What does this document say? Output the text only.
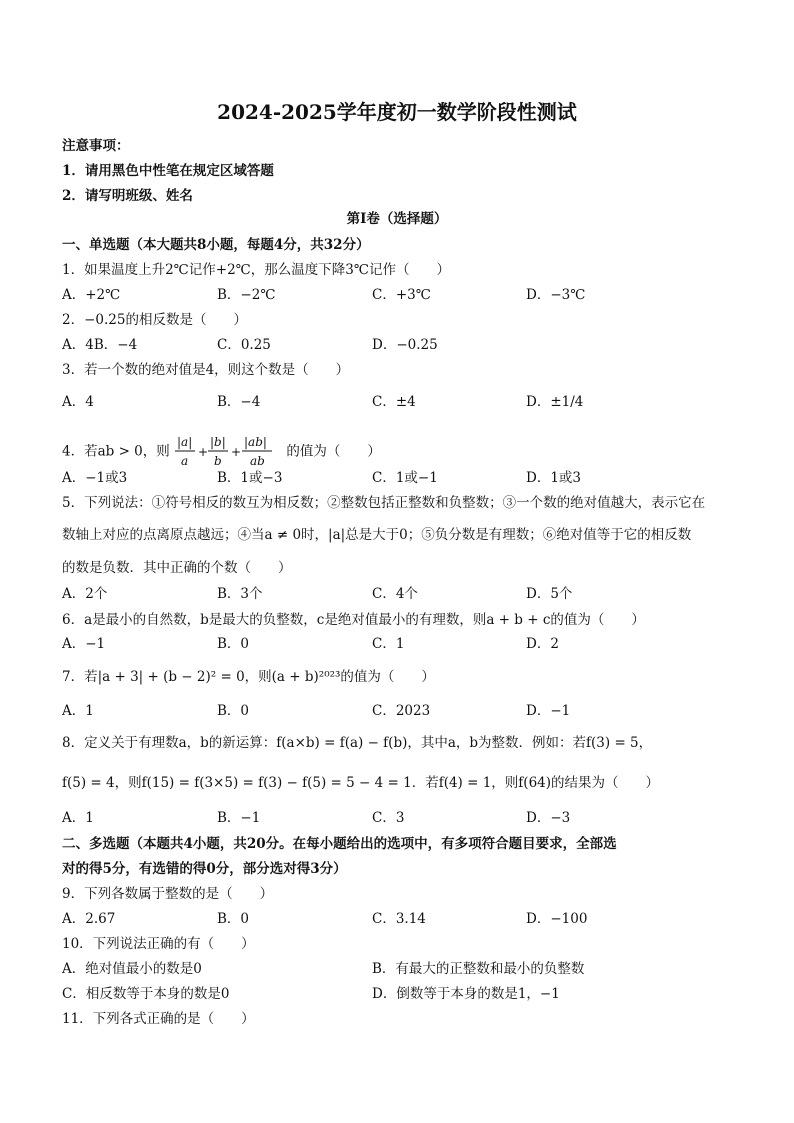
2024-2025学年度初一数学阶段性测试
注意事项：
1．请用黑色中性笔在规定区域答题
2．请写明班级、姓名
第Ⅰ卷（选择题）
一、单选题（本大题共8小题，每题4分，共32分）
1．如果温度上升2℃记作+2℃，那么温度下降3℃记作（　　）
A．+2℃	B．−2℃	C．+3℃	D．−3℃
2．−0.25的相反数是（　　）
A．4B．−4	C．0.25	D．−0.25
3．若一个数的绝对值是4，则这个数是（　　）
A．4	B．−4	C．±4	D．±1/4
4．若ab > 0，则
|a|
a
+
|b|
b
+
|ab|
ab
的值为（　　）
A．−1或3	B．1或−3	C．1或−1	D．1或3
5．下列说法：①符号相反的数互为相反数；②整数包括正整数和负整数；③一个数的绝对值越大，表示它在
数轴上对应的点离原点越远；④当a ≠ 0时，|a|总是大于0；⑤负分数是有理数；⑥绝对值等于它的相反数
的数是负数．其中正确的个数（　　）
A．2个	B．3个	C．4个	D．5个
6．a是最小的自然数，b是最大的负整数，c是绝对值最小的有理数，则a + b + c的值为（　　）
A．−1	B．0	C．1	D．2
7．若|a + 3| + (b − 2)² = 0，则(a + b)²⁰²³的值为（　　）
A．1	B．0	C．2023	D．−1
8．定义关于有理数a，b的新运算：f(a×b) = f(a) − f(b)，其中a，b为整数．例如：若f(3) = 5，
f(5) = 4，则f(15) = f(3×5) = f(3) − f(5) = 5 − 4 = 1．若f(4) = 1，则f(64)的结果为（　　）
A．1	B．−1	C．3	D．−3
二、多选题（本题共4小题，共20分。在每小题给出的选项中，有多项符合题目要求，全部选
对的得5分，有选错的得0分，部分选对得3分）
9．下列各数属于整数的是（　　）
A．2.67	B．0	C．3.14	D．−100
10．下列说法正确的有（　　）
A．绝对值最小的数是0	B．有最大的正整数和最小的负整数
C．相反数等于本身的数是0	D．倒数等于本身的数是1，−1
11．下列各式正确的是（　　）
